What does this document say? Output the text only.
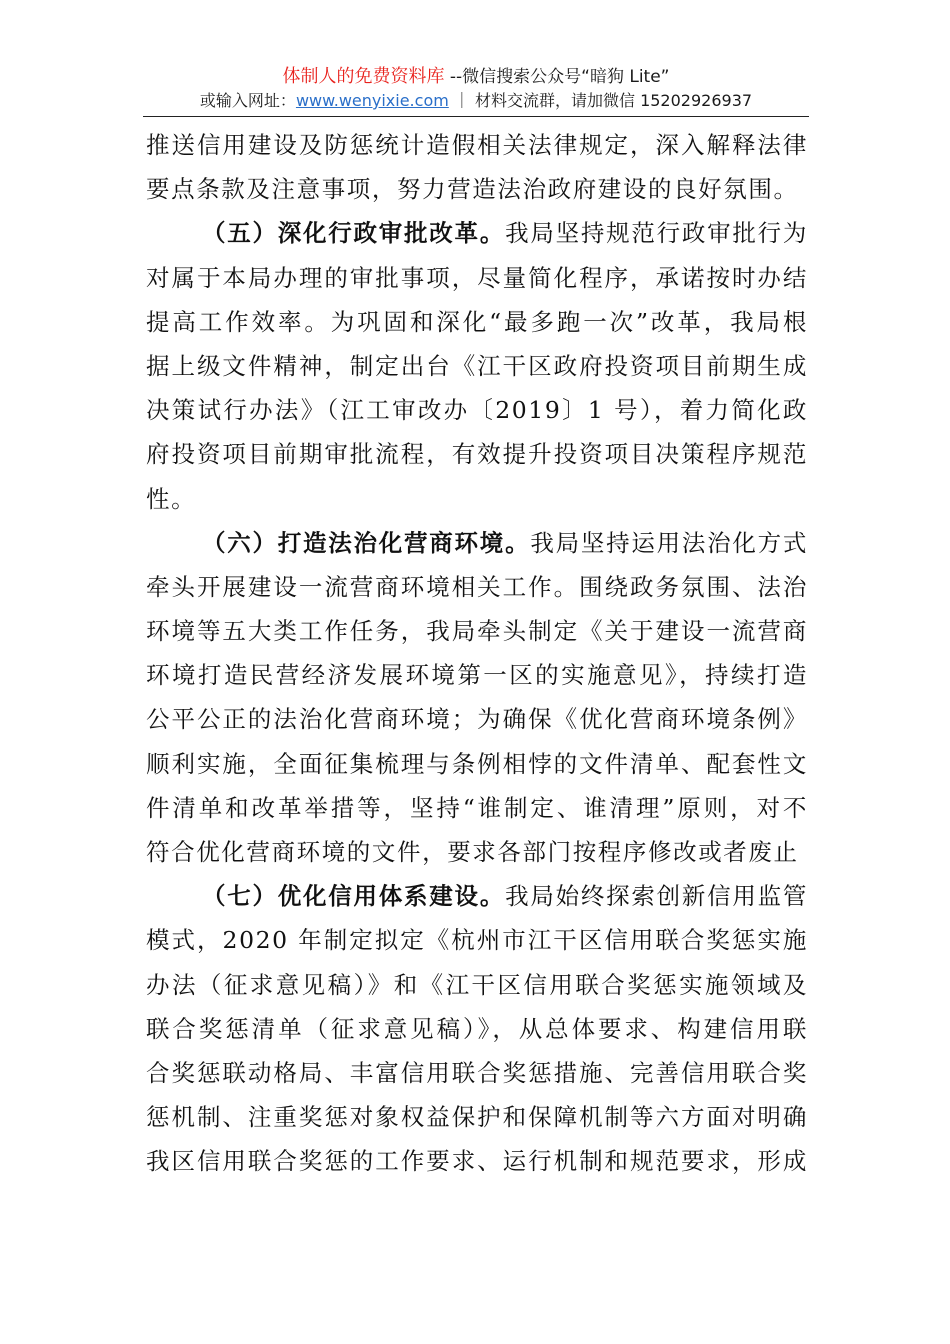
体制人的免费资料库 --微信搜索公众号“暗狗 Lite”
或输入网址：www.wenyixie.com ｜ 材料交流群，请加微信 15202926937
推送信用建设及防惩统计造假相关法律规定，深入解释法律
要点条款及注意事项，努力营造法治政府建设的良好氛围。
（五）深化行政审批改革。我局坚持规范行政审批行为
对属于本局办理的审批事项，尽量简化程序，承诺按时办结
提高工作效率。为巩固和深化“最多跑一次”改革，我局根
据上级文件精神，制定出台《江干区政府投资项目前期生成
决策试行办法》（江工审改办〔2019〕1 号），着力简化政
府投资项目前期审批流程，有效提升投资项目决策程序规范
性。
（六）打造法治化营商环境。我局坚持运用法治化方式
牵头开展建设一流营商环境相关工作。围绕政务氛围、法治
环境等五大类工作任务，我局牵头制定《关于建设一流营商
环境打造民营经济发展环境第一区的实施意见》，持续打造
公平公正的法治化营商环境；为确保《优化营商环境条例》
顺利实施，全面征集梳理与条例相悖的文件清单、配套性文
件清单和改革举措等，坚持“谁制定、谁清理”原则，对不
符合优化营商环境的文件，要求各部门按程序修改或者废止
（七）优化信用体系建设。我局始终探索创新信用监管
模式，2020 年制定拟定《杭州市江干区信用联合奖惩实施
办法（征求意见稿）》和《江干区信用联合奖惩实施领域及
联合奖惩清单（征求意见稿）》，从总体要求、构建信用联
合奖惩联动格局、丰富信用联合奖惩措施、完善信用联合奖
惩机制、注重奖惩对象权益保护和保障机制等六方面对明确
我区信用联合奖惩的工作要求、运行机制和规范要求，形成
